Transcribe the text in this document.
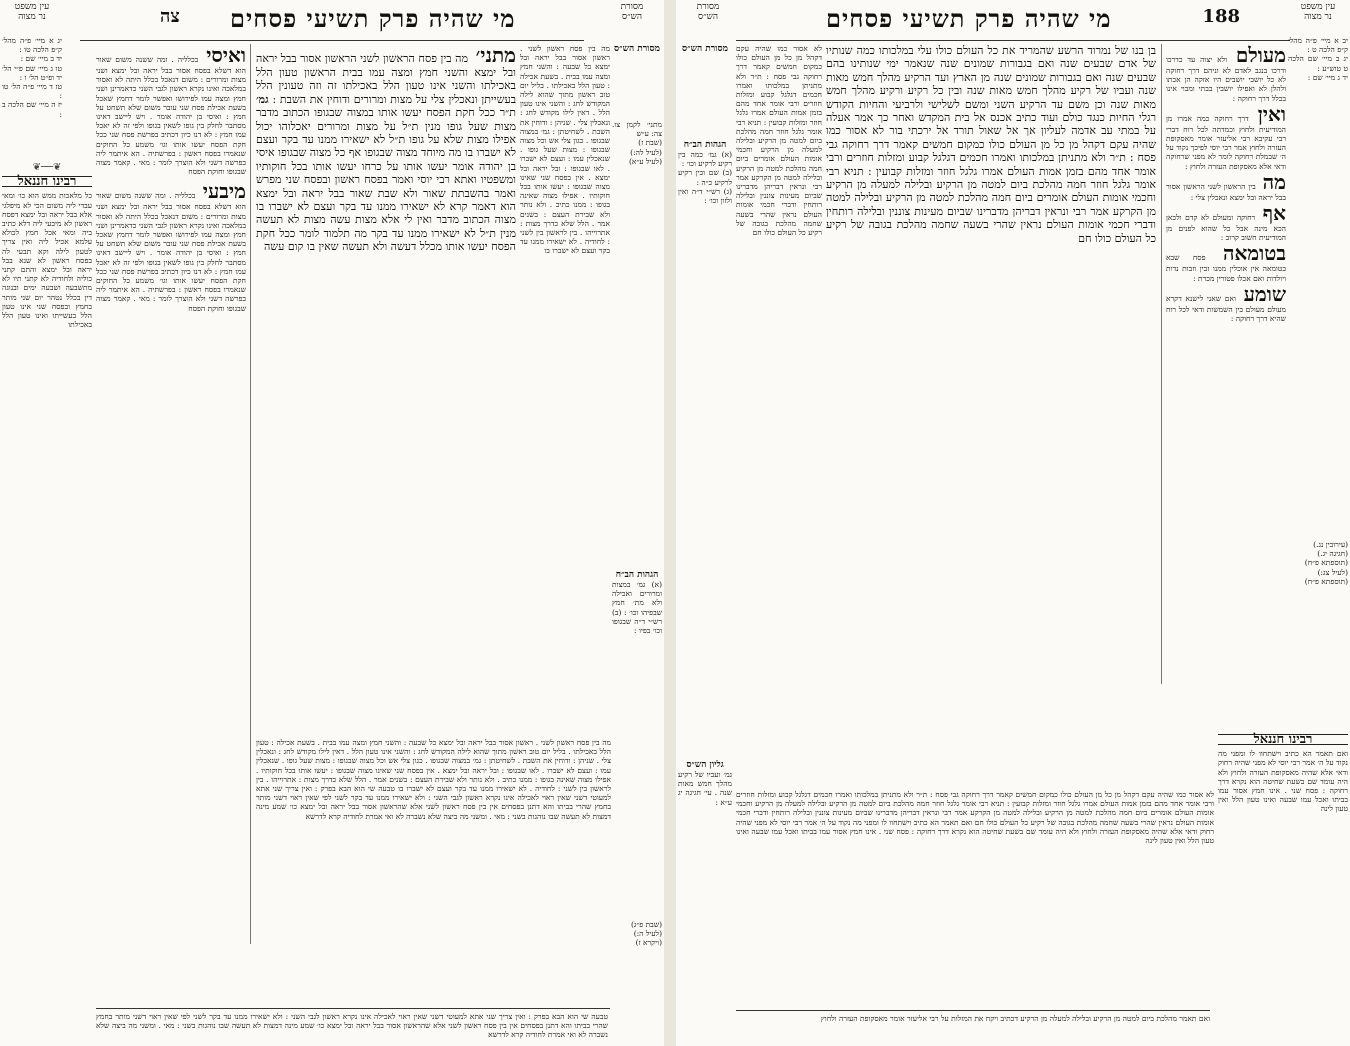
מסורת
הש״ס
עין משפט
נר מצוה	מי שהיה פרק תשיעי פסחים
צה
יג א מיי׳ פ״ה מהל׳ ק״פ הלכה טו :
יד ב מיי׳ שם :
טו ג מיי׳ שם פ״י הל׳ יד ופ״ט הל׳ ו :
טז ד מיי׳ פ״ה הל׳ טו :
יז ה מיי׳ שם הלכה ב :
❦──❦
רבינו חננאל
כל מלאכות ממש הוא כו׳ ומאי עבדי ליה משום הכי לא מיפלגי אלא בבל יראה ובל ימצא דפסח ראשון לא מיבעי ליה דלא כתיב ביה ומאי אכל חמץ לכולא עלמא אכיל ליה ואין צריך לטעון לילה וקא תבעי לה בפסח ראשון לא שנא בבל יראה ובל ימצא והתם קתני כוליה ולחודיה לא קתני תיו לא מתשבעה ושבעה ימים ובנוגה דין בכלל נטהר יום שני מותר בחמץ ובפסח שני אינו טעון הלל בעשייתו ואינו טעון הלל באכילתו
ואיסי בכלליה . ומה ששנה משום שאור הוא דשלא בפסח אסור בבל יראה ובל ימצא ושני מצות ומרורים : משום דנאכל בכלל היתה לא ואסור במלאכה ואינו נקרא ראשון לגבי השני כדאמרינן ושני חמץ ומצה עמו לפירושו ואפשר לומר דחמץ שאכל בשעת אכילת פסח שני עובר משום שלא תשחט על חמץ : ואיסי בן יהודה אומר . ויש ליישב דאינו מסתבר לחלק בין גופו לשאין בגופו ולפי זה לא יאכל עמו חמץ : לא דנו כיון דכתיב בפרשת פסח שני ככל חקת הפסח יעשו אותו וגו׳ משמע כל החוקים שנאמרו בפסח ראשון : בפרשתיה . הא איתמר ליה בפרשה דשני ולא הוצרך לומר : מאי . קאמר מצוה שבגופו וחוקת הפסח
מיבעי בכלליה . ומה ששנה משום שאור הוא דשלא בפסח אסור בבל יראה ובל ימצא ושני מצות ומרורים : משום דנאכל בכלל היתה לא ואסור במלאכה ואינו נקרא ראשון לגבי השני כדאמרינן ושני חמץ ומצה עמו לפירושו ואפשר לומר דחמץ שאכל בשעת אכילת פסח שני עובר משום שלא תשחט על חמץ : ואיסי בן יהודה אומר . ויש ליישב דאינו מסתבר לחלק בין גופו לשאין בגופו ולפי זה לא יאכל עמו חמץ : לא דנו כיון דכתיב בפרשת פסח שני ככל חקת הפסח יעשו אותו וגו׳ משמע כל החוקים שנאמרו בפסח ראשון : בפרשתיה . הא איתמר ליה בפרשה דשני ולא הוצרך לומר : מאי . קאמר מצוה שבגופו וחוקת הפסח
מתני׳ מה בין פסח הראשון לשני הראשון אסור בבל יראה ובל ימצא והשני חמץ ומצה עמו בבית הראשון טעון הלל באכילתו והשני אינו טעון הלל באכילתו זה וזה טעונין הלל בעשייתן ונאכלין צלי על מצות ומרורים ודוחין את השבת : גמ׳ ת״ר ככל חקת הפסח יעשו אותו במצוה שבגופו הכתוב מדבר מצות שעל גופו מנין ת״ל על מצות ומרורים יאכלוהו יכול אפילו מצות שלא על גופו ת״ל לא ישאירו ממנו עד בקר ועצם לא ישברו בו מה מיוחד מצוה שבגופו אף כל מצוה שבגופו איסי בן יהודה אומר יעשו אותו על כרחו יעשו אותו בכל חוקותיו ומשפטיו ואתא רבי יוסי ואמר בפסח ראשון ובפסח שני מפרש ואמר בהשבתת שאור ולא שבת שאור בבל יראה ובל ימצא הוא דאמר קרא לא ישאירו ממנו עד בקר ועצם לא ישברו בו מצוה הכתוב מדבר ואין לי אלא מצות עשה מצות לא תעשה מנין ת״ל לא ישאירו ממנו עד בקר מה תלמוד לומר ככל חקת הפסח יעשו אותו מכלל דעשה ולא תעשה שאין בו קום עשה
מה בין פסח ראשון לשני . ראשון אסור בבל יראה ובל ימצא כל שבעה : והשני חמץ ומצה עמו בבית . בשעת אכילה : טעון הלל באכילתו . בליל יום טוב ראשון מתוך שהוא לילה המקודש לחג : והשני אינו טעון הלל . דאין לילו מקודש לחג : ונאכלין צלי . שניהן : ודוחין את השבת . לשחיטתן : גמ׳ במצוה שבגופו . כגון צלי אש וכל מצוה שבגופו : מצות שעל גופו . שנאכלין עמו : ועצם לא ישברו . לאו שבגופו : ובל יראה ובל ימצא . אין בפסח שני שאינו מצוה שבגופו : יעשו אותו בכל חוקותיו . אפילו מצוה שאינה בגופו : ממנו כתיב . ולא נותר ולא שבירת העצם : בשנים אמר . הלל שלא כדרך מצות : אתרוייהו . בין לראשון בין לשני : לחודיה . לא ישאירו ממנו עד בקר ועצם לא ישברו בו
מסורת הש״ס
מתני׳ לקמן צו. צה: ע״ש
(שבת ז)
(לעיל לה:)
(לעיל ע״א)
הגהות הב״ח
(א) גמ׳ במצות ומרורים ואכילה ולא מת׳ חמץ שבפיהו וכו׳ : (ב) רש״י ד״ה שבגופו וכו׳ בפיו :
(שבת פ״ג)
(לעיל ה:)
(ויקרא ז)
מה בין פסח ראשון לשני . ראשון אסור בבל יראה ובל ימצא כל שבעה : והשני חמץ ומצה עמו בבית . בשעת אכילה : טעון הלל באכילתו . בליל יום טוב ראשון מתוך שהוא לילה המקודש לחג : והשני אינו טעון הלל . דאין לילו מקודש לחג : ונאכלין צלי . שניהן : ודוחין את השבת . לשחיטתן : גמ׳ במצוה שבגופו . כגון צלי אש וכל מצוה שבגופו : מצות שעל גופו . שנאכלין עמו : ועצם לא ישברו . לאו שבגופו : ובל יראה ובל ימצא . אין בפסח שני שאינו מצוה שבגופו : יעשו אותו בכל חוקותיו . אפילו מצוה שאינה בגופו : ממנו כתיב . ולא נותר ולא שבירת העצם : בשנים אמר . הלל שלא כדרך מצות : אתרוייהו . בין לראשון בין לשני : לחודיה . לא ישאירו ממנו עד בקר ועצם לא ישברו בו טבעה שי הוא הבא בפרק : ואין צריך שני אתא למעוטי דשני שאין ראוי לאכילה אינו נקרא ראשון לגבי השני : ולא ישאירו ממנו עד בקר לשני לפי שאין ראוי דשני מותר בחמץ שהרי בביתו והא דתנן בפסחים אין בין פסח ראשון לשני אלא שהראשון אסור בבל יראה ובל ימצא כו׳ שמע מינה דמצות לא תעשה שבו נוהגות בשני : מאי . ומשני מה ביצה שלא נשברה לא ואי אמרת לחודיה קרא לדרשא
טבעה שי הוא הבא בפרק : ואין צריך שני אתא למעוטי דשני שאין ראוי לאכילה אינו נקרא ראשון לגבי השני : ולא ישאירו ממנו עד בקר לשני לפי שאין ראוי דשני מותר בחמץ שהרי בביתו והא דתנן בפסחים אין בין פסח ראשון לשני אלא שהראשון אסור בבל יראה ובל ימצא כו׳ שמע מינה דמצות לא תעשה שבו נוהגות בשני : מאי . ומשני מה ביצה שלא נשברה לא ואי אמרת לחודיה קרא לדרשא
עין משפט
נר מצוה
מסורת
הש״ס	188
מי שהיה פרק תשיעי פסחים
יב א מיי׳ פ״ה מהל׳ ק״פ הלכה ט :
יג ב מיי׳ שם הלכה ט טוש״ע :
יד ג מיי׳ שם :
מעולם ולא יצוה עד כדרכו ודרכו בנגב לאדם לא וניהם דרך רחוקה לא כל יושבי יושבים היו אזקה הן אכתו ולהלן לא ואפילו יושבין בבתי ומבוי אינו בכלל דרך רחוקה :
ואין דרך רחוקה כמה אמרו מן המודיעית ולחוץ וכמדתה לכל רוח דברי רבי עקיבא רבי אליעזר אומר מאסקופת העזרה ולחוץ אמר רבי יוסי לפיכך נקוד על ה׳ שבמלת רחוקה לומר לא מפני שרחוקה ודאי אלא מאסקופת העזרה ולחוץ :
מה בין הראשון לשני הראשון אסור בבל יראה ובל ימצא ונאכלין צלי :
אף רחוקה ומעולם לא קדם ולכאן הכא מינה אבל כל שהוא לפנים מן המודיעית חשוב קרוב :
בטומאה פסח שבא בטומאה אין אוכלין ממנו זבין וזבות נדות ויולדות ואם אכלו פטורין מכרת :
שומע ואם שאני לישנא דקרא מעולם מעולם בין השמשות ודאי לכל רוח שהיא דרך רחוקה :
רבינו חננאל
ואם תאמר הא כתיב וישתחוו לו ומפני מה נקוד על ה׳ אמר רבי יוסי לא מפני שהיה רחוק ודאי אלא שהיה מאסקופת העזרה ולחוץ ולא היה עומד שם בשעת שחיטה הוא נקרא דרך רחוקה : פסח שני . אינו חמץ אסור עמו בביתו ואכל עמו שבעה ואינו טעון הלל ואין טעון לינה
(עירובין נג.)
(חגיגה יג.)
(תוספתא פ״ח)
(לעיל צג:)
(תוספתא פ״ח)
בן בנו של נמרוד הרשע שהמריד את כל העולם כולו עלי במלכותו כמה שנותיו של אדם שבעים שנה ואם בגבורות שמונים שנה שנאמר ימי שנותינו בהם שבעים שנה ואם בגבורות שמונים שנה מן הארץ ועד הרקיע מהלך חמש מאות שנה ועביו של רקיע מהלך חמש מאות שנה ובין כל רקיע ורקיע מהלך חמש מאות שנה וכן משם עד הרקיע השני ומשם לשלישי ולרביעי והחיות הקודש רגלי החיות כנגד כולם ועוד כתיב אכנס אל בית המקדש ואחר כך אמר אעלה על במתי עב אדמה לעליון אך אל שאול תורד אל ירכתי בור לא אסור כמו שהיה עקם דקהל מן כל מן העולם כולו כמקום חמשים קאמר דרך רחוקה גבי פסח : ת״ר ולא מתניתן במלכותו ואמרו חכמים דגלגל קבוע ומזלות חוזרים ורבי אומר אחד מהם בזמן אמות העולם אמרו גלגל חוזר ומזלות קבועין : תניא רבי אומר גלגל חוזר חמה מהלכת ביום למטה מן הרקיע ובלילה למעלה מן הרקיע וחכמי אומות העולם אומרים ביום חמה מהלכת למטה מן הרקיע ובלילה למטה מן הקרקע אמר רבי ונראין דבריהן מדברינו שביום מעינות צוננין ובלילה רותחין ודברי חכמי אומות העולם נראין שהרי בשעה שחמה מהלכת בגובה של רקיע כל העולם כולו חם
לא אסור כמו שהיה עקם דקהל מן כל מן העולם כולו כמקום חמשים קאמר דרך רחוקה גבי פסח : ת״ר ולא מתניתן במלכותו ואמרו חכמים דגלגל קבוע ומזלות חוזרים ורבי אומר אחד מהם בזמן אמות העולם אמרו גלגל חוזר ומזלות קבועין : תניא רבי אומר גלגל חוזר חמה מהלכת ביום למטה מן הרקיע ובלילה למעלה מן הרקיע וחכמי אומות העולם אומרים ביום חמה מהלכת למטה מן הרקיע ובלילה למטה מן הקרקע אמר רבי ונראין דבריהן מדברינו שביום מעינות צוננין ובלילה רותחין ודברי חכמי אומות העולם נראין שהרי בשעה שחמה מהלכת בגובה של רקיע כל העולם כולו חם
מסורת הש״ס
הגהות הב״ח
(א) גמ׳ כמה בין רקיע לרקיע וכו׳ :
(ב) שם ובין רקיע לרקיע כ״ה :
(ג) רש״י ד״ה ואין ולזון וכו׳ :
גליון הש״ס
גמ׳ ועביו של רקיע מהלך חמש מאות שנה . עי׳ חגיגה יג ע״א :
לא אסור כמו שהיה עקם דקהל מן כל מן העולם כולו כמקום חמשים קאמר דרך רחוקה גבי פסח : ת״ר ולא מתניתן במלכותו ואמרו חכמים דגלגל קבוע ומזלות חוזרים ורבי אומר אחד מהם בזמן אמות העולם אמרו גלגל חוזר ומזלות קבועין : תניא רבי אומר גלגל חוזר חמה מהלכת ביום למטה מן הרקיע ובלילה למעלה מן הרקיע וחכמי אומות העולם אומרים ביום חמה מהלכת למטה מן הרקיע ובלילה למטה מן הקרקע אמר רבי ונראין דבריהן מדברינו שביום מעינות צוננין ובלילה רותחין ודברי חכמי אומות העולם נראין שהרי בשעה שחמה מהלכת בגובה של רקיע כל העולם כולו חם ואם תאמר הא כתיב וישתחוו לו ומפני מה נקוד על ה׳ אמר רבי יוסי לא מפני שהיה רחוק ודאי אלא שהיה מאסקופת העזרה ולחוץ ולא היה עומד שם בשעת שחיטה הוא נקרא דרך רחוקה : פסח שני . אינו חמץ אסור עמו בביתו ואכל עמו שבעה ואינו טעון הלל ואין טעון לינה
ואם תאמר מהלכת ביום למטה מן הרקיע ובלילה למעלה מן הרקיע דכתיב ויקח את המזלות על רבי אליעזר אומר מאסקופת העזרה ולחוץ
